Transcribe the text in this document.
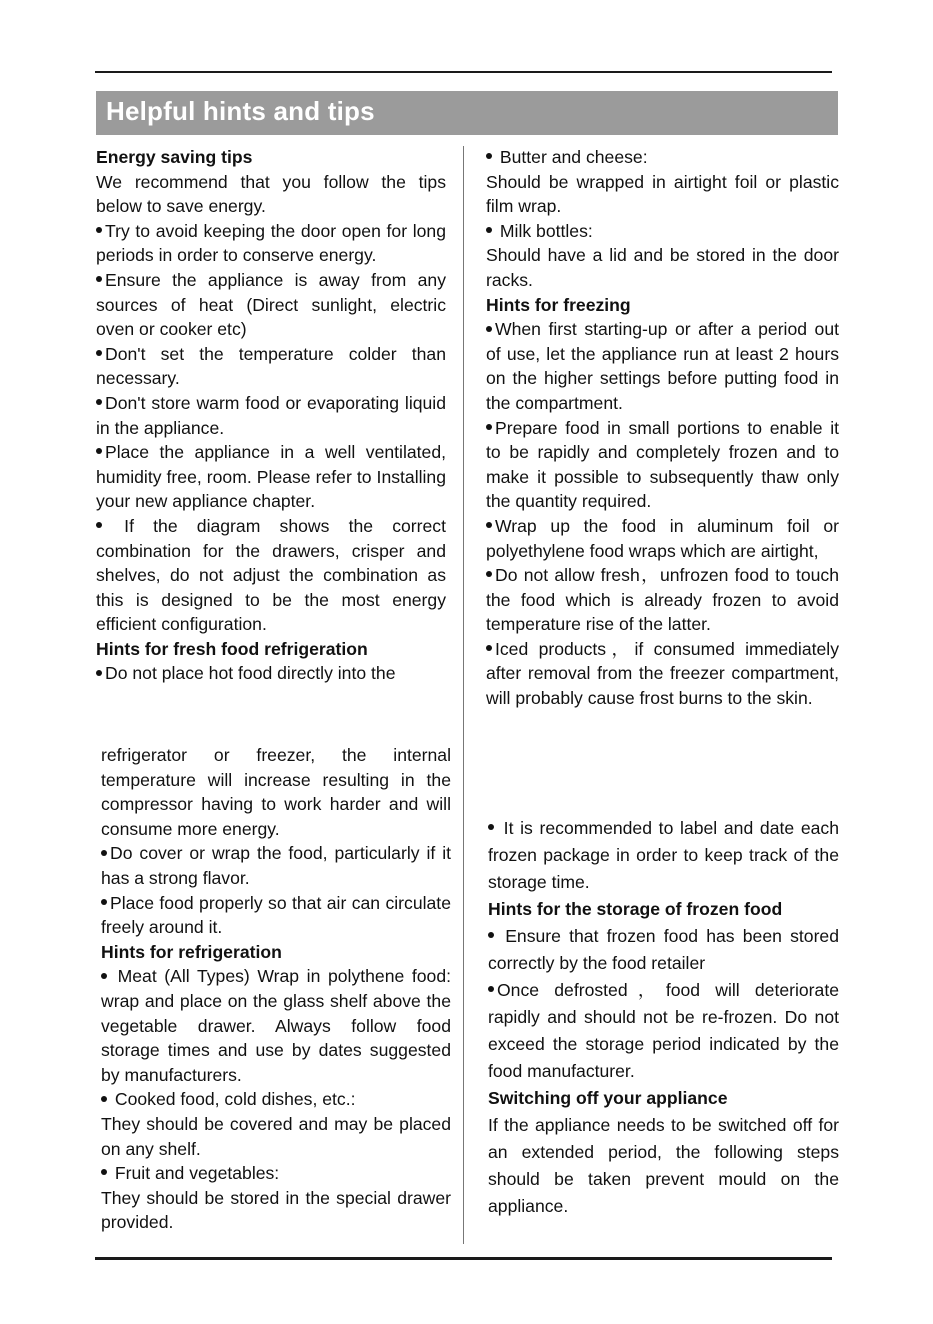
Helpful hints and tips

Energy saving tips

We recommend that you follow the tips below to save energy.

Try to avoid keeping the door open for long periods in order to conserve energy.

Ensure the appliance is away from any sources of heat (Direct sunlight, electric oven or cooker etc)

Don't set the temperature colder than necessary.

Don't store warm food or evaporating liquid in the appliance.

Place the appliance in a well ventilated, humidity free, room. Please refer to Installing your new appliance chapter.

If the diagram shows the correct combination for the drawers, crisper and shelves, do not adjust the combination as this is designed to be the most energy efficient configuration.

Hints for fresh food refrigeration

Do not place hot food directly into the

refrigerator or freezer, the internal temperature will increase resulting in the compressor having to work harder and will consume more energy.

Do cover or wrap the food, particularly if it has a strong flavor.

Place food properly so that air can circulate freely around it.

Hints for refrigeration

Meat (All Types) Wrap in polythene food: wrap and place on the glass shelf above the vegetable drawer. Always follow food storage times and use by dates suggested by manufacturers.

Cooked food, cold dishes, etc.:

They should be covered and may be placed on any shelf.

Fruit and vegetables:

They should be stored in the special drawer provided.

Butter and cheese:

Should be wrapped in airtight foil or plastic film wrap.

Milk bottles:

Should have a lid and be stored in the door racks.

Hints for freezing

When first starting-up or after a period out of use, let the appliance run at least 2 hours on the higher settings before putting food in the compartment.

Prepare food in small portions to enable it to be rapidly and completely frozen and to make it possible to subsequently thaw only the quantity required.

Wrap up the food in aluminum foil or polyethylene food wraps which are airtight,

Do not allow fresh，unfrozen food to touch the food which is already frozen to avoid temperature rise of the latter.

Iced products，if consumed immediately after removal from the freezer compartment, will probably cause frost burns to the skin.

It is recommended to label and date each frozen package in order to keep track of the storage time.

Hints for the storage of frozen food

Ensure that frozen food has been stored correctly by the food retailer

Once defrosted，food will deteriorate rapidly and should not be re-frozen. Do not exceed the storage period indicated by the food manufacturer.

Switching off your appliance

If the appliance needs to be switched off for an extended period, the following steps should be taken prevent mould on the appliance.
